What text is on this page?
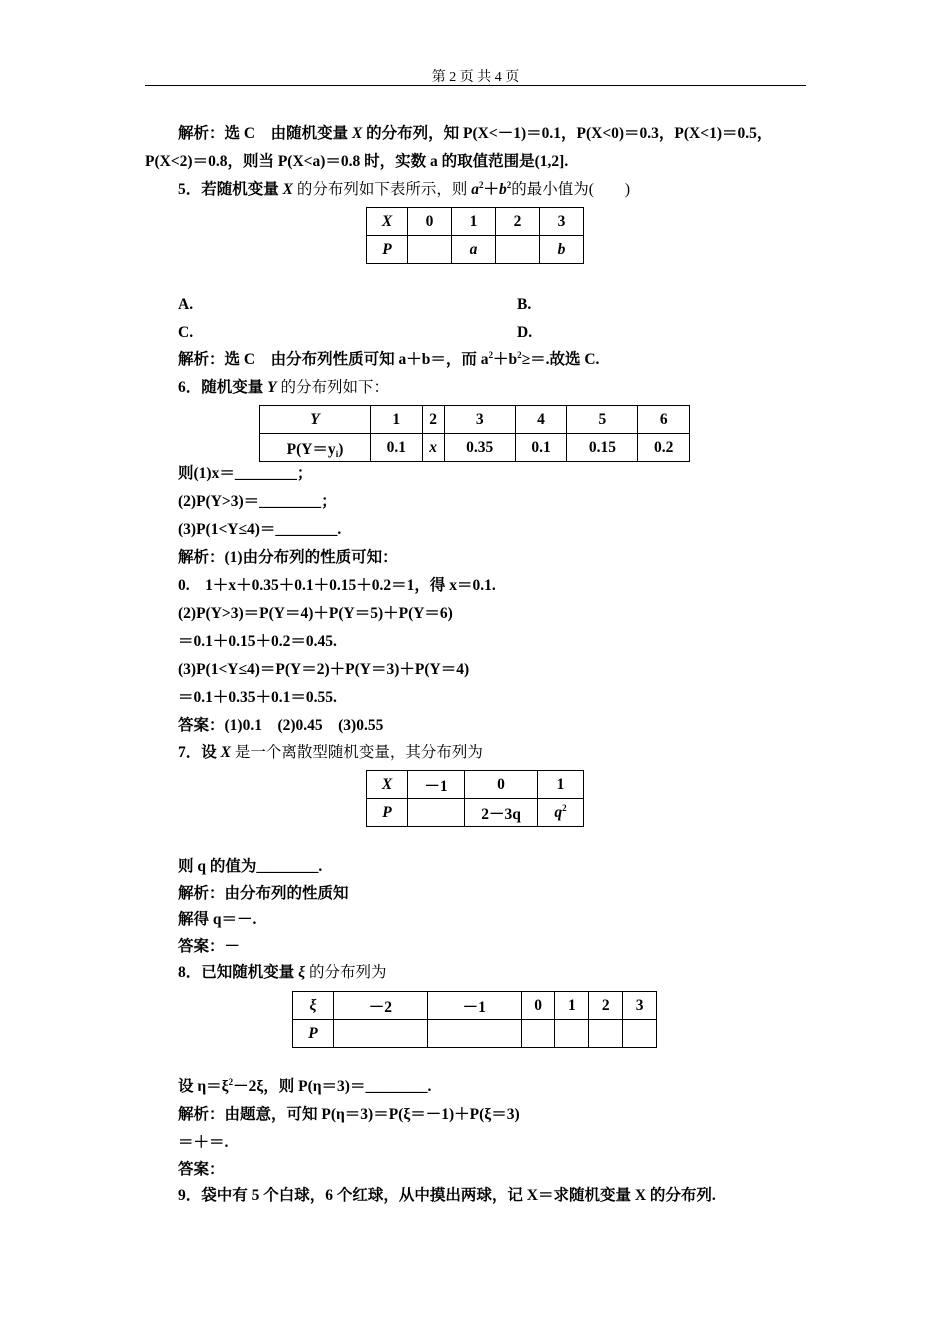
第 2 页 共 4 页
解析：选 C　由随机变量 X 的分布列，知 P(X<－1)＝0.1，P(X<0)＝0.3，P(X<1)＝0.5，
P(X<2)＝0.8，则当 P(X<a)＝0.8 时，实数 a 的取值范围是(1,2].
5．若随机变量 X 的分布列如下表所示，则 $a^2+b^2$的最小值为(　　)
X	0	1	2	3
P		a		b
A.	B.
C.	D.
解析：选 C　由分布列性质可知 a＋b＝，而 $a^2+b^2\ge=$.故选 C.
6．随机变量 Y 的分布列如下：
Y	1	2	3	4	5	6
$P(Y=y_i)$	0.1	x	0.35	0.1	0.15	0.2
则(1)x＝________；
(2)P(Y>3)＝________；
(3)P(1<Y≤4)＝________.
解析：(1)由分布列的性质可知：
0.　1＋x＋0.35＋0.1＋0.15＋0.2＝1，得 x＝0.1.
(2)P(Y>3)＝P(Y＝4)＋P(Y＝5)＋P(Y＝6)
＝0.1＋0.15＋0.2＝0.45.
(3)P(1<Y≤4)＝P(Y＝2)＋P(Y＝3)＋P(Y＝4)
＝0.1＋0.35＋0.1＝0.55.
答案：(1)0.1　(2)0.45　(3)0.55
7．设 X 是一个离散型随机变量，其分布列为
X	－1	0	1
P		2－3q	$q^2$
则 q 的值为________.
解析：由分布列的性质知
解得 q＝－.
答案：－
8．已知随机变量 ξ 的分布列为
ξ	－2	－1	0	1	2	3
P						
设 $\eta=\xi^2-2\xi$，则 P(η＝3)＝________.
解析：由题意，可知 P(η＝3)＝P(ξ＝－1)＋P(ξ＝3)
＝＋＝.
答案：
9．袋中有 5 个白球，6 个红球，从中摸出两球，记 X＝求随机变量 X 的分布列.
